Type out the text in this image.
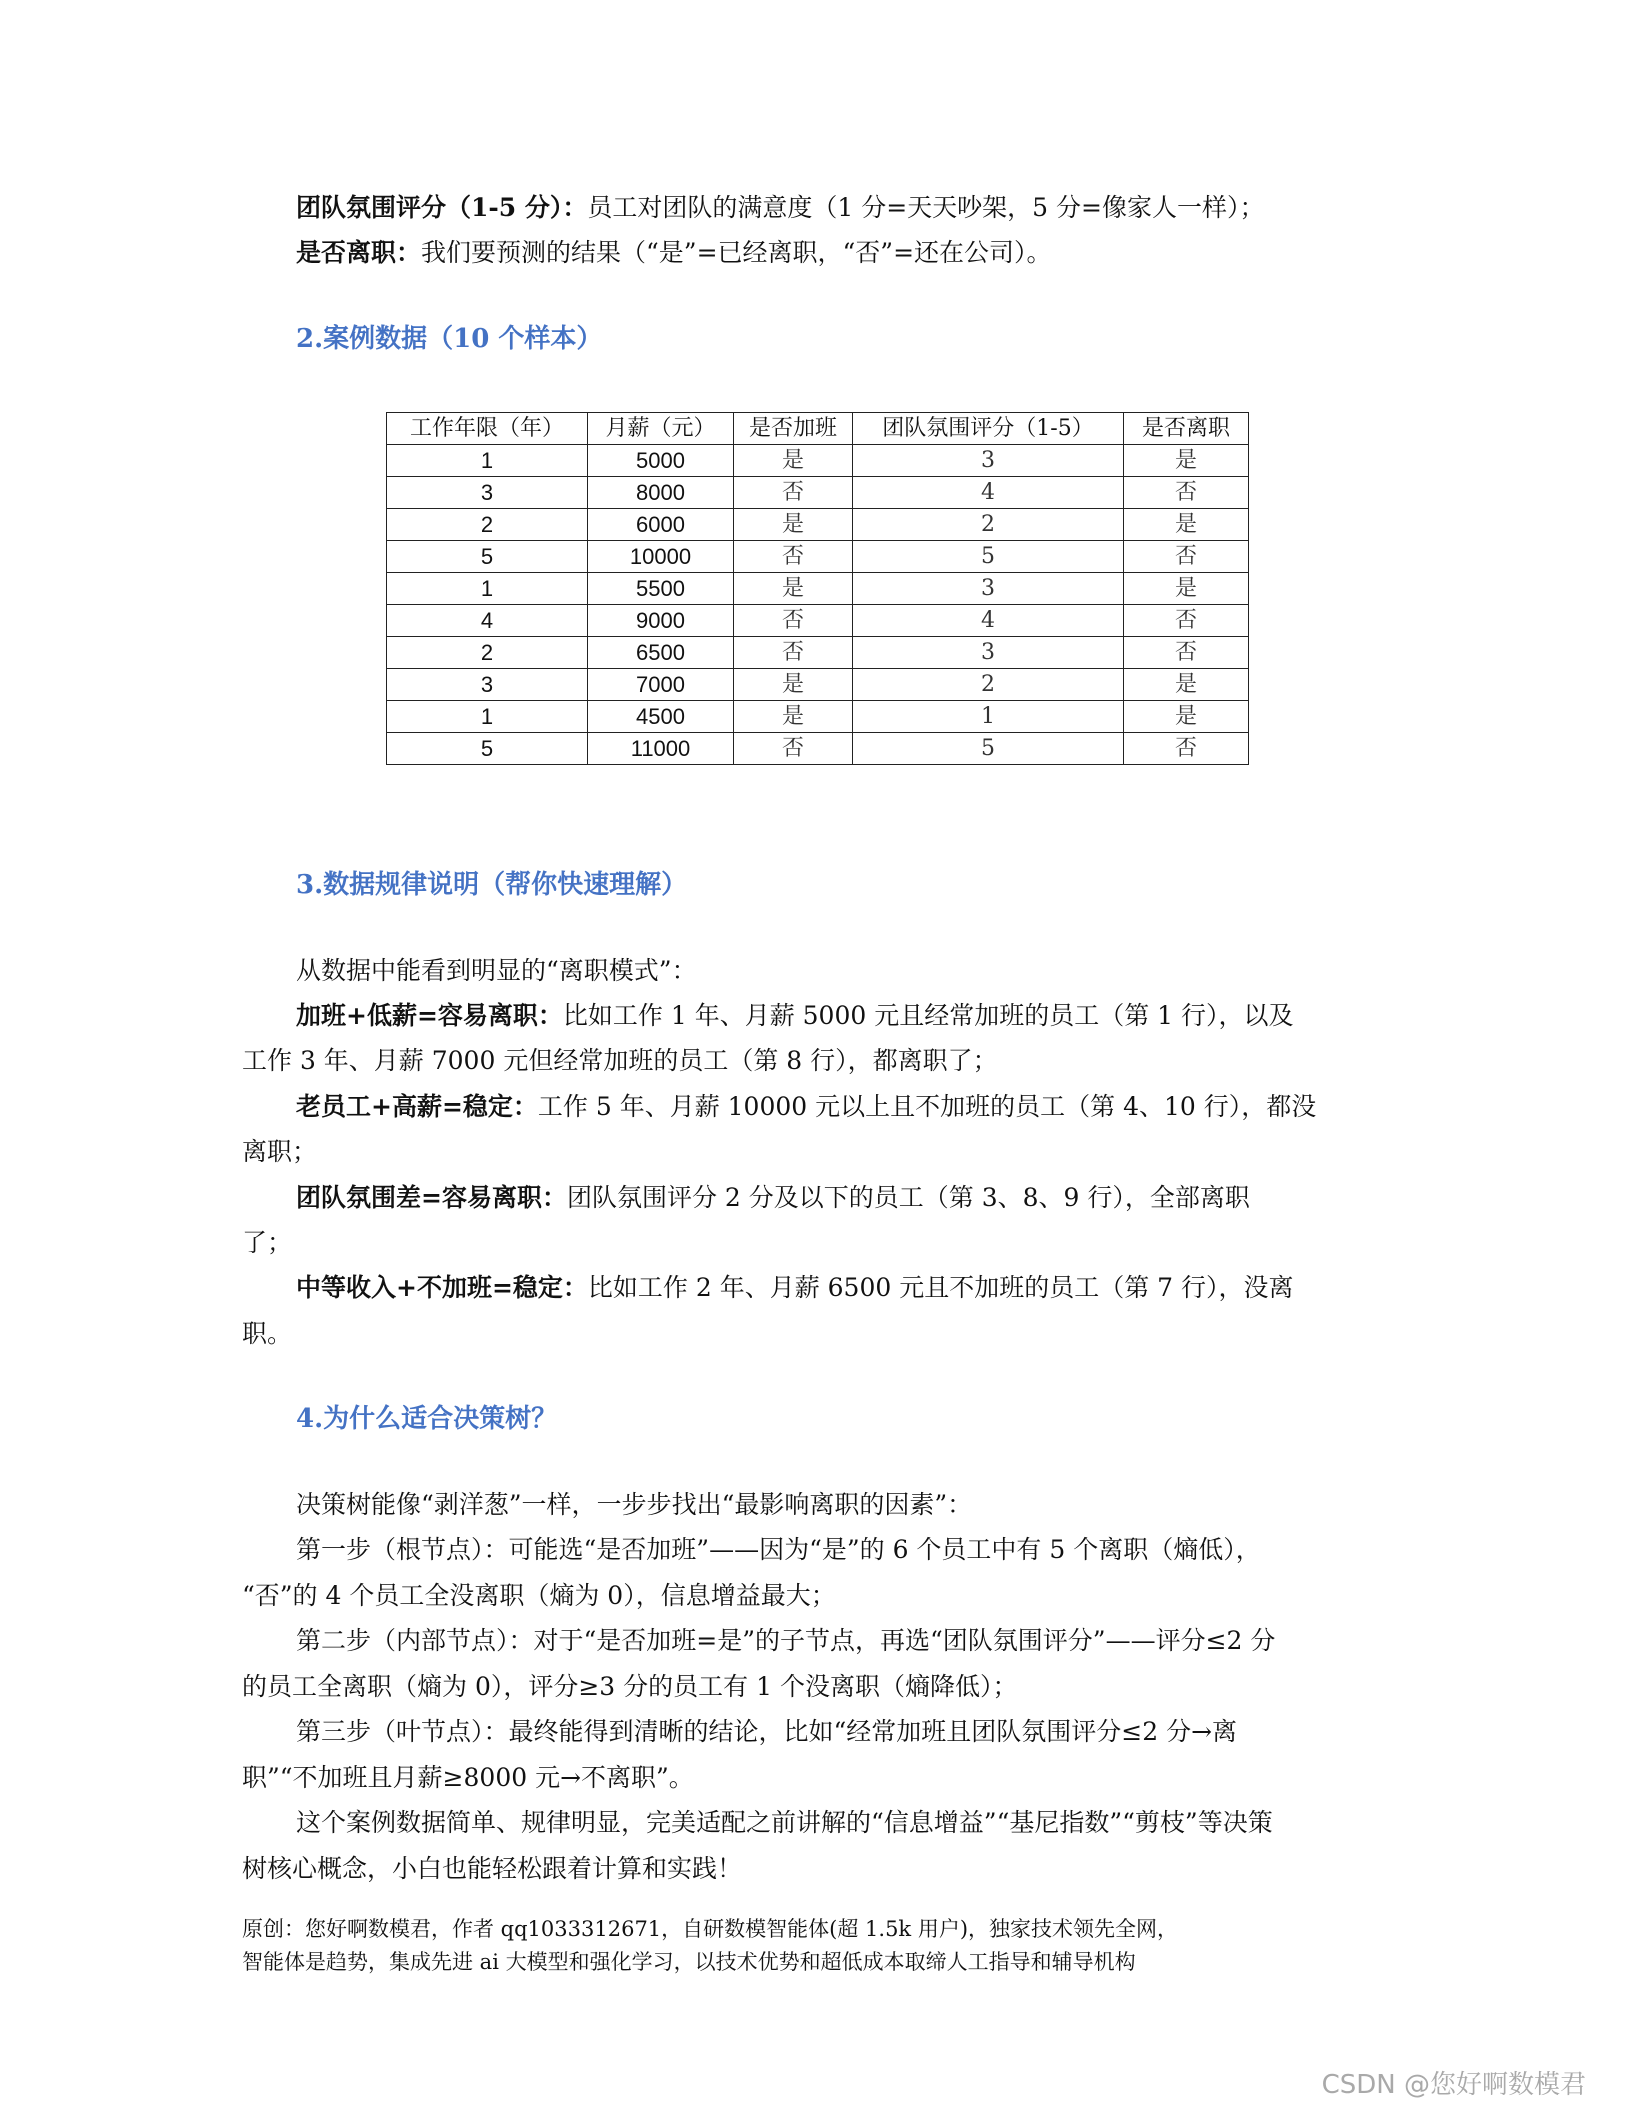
团队氛围评分（1-5 分）：员工对团队的满意度（1 分=天天吵架，5 分=像家人一样）；
是否离职：我们要预测的结果（“是”=已经离职，“否”=还在公司）。
2.案例数据（10 个样本）
工作年限（年）	月薪（元）	是否加班	团队氛围评分（1-5）	是否离职
1	5000	是	3	是
3	8000	否	4	否
2	6000	是	2	是
5	10000	否	5	否
1	5500	是	3	是
4	9000	否	4	否
2	6500	否	3	否
3	7000	是	2	是
1	4500	是	1	是
5	11000	否	5	否
3.数据规律说明（帮你快速理解）
从数据中能看到明显的“离职模式”：
加班+低薪=容易离职：比如工作 1 年、月薪 5000 元且经常加班的员工（第 1 行），以及
工作 3 年、月薪 7000 元但经常加班的员工（第 8 行），都离职了；
老员工+高薪=稳定：工作 5 年、月薪 10000 元以上且不加班的员工（第 4、10 行），都没
离职；
团队氛围差=容易离职：团队氛围评分 2 分及以下的员工（第 3、8、9 行），全部离职
了；
中等收入+不加班=稳定：比如工作 2 年、月薪 6500 元且不加班的员工（第 7 行），没离
职。
4.为什么适合决策树？
决策树能像“剥洋葱”一样，一步步找出“最影响离职的因素”：
第一步（根节点）：可能选“是否加班”——因为“是”的 6 个员工中有 5 个离职（熵低），
“否”的 4 个员工全没离职（熵为 0），信息增益最大；
第二步（内部节点）：对于“是否加班=是”的子节点，再选“团队氛围评分”——评分≤2 分
的员工全离职（熵为 0），评分≥3 分的员工有 1 个没离职（熵降低）；
第三步（叶节点）：最终能得到清晰的结论，比如“经常加班且团队氛围评分≤2 分→离
职”“不加班且月薪≥8000 元→不离职”。
这个案例数据简单、规律明显，完美适配之前讲解的“信息增益”“基尼指数”“剪枝”等决策
树核心概念，小白也能轻松跟着计算和实践！
原创：您好啊数模君，作者 qq1033312671，自研数模智能体(超 1.5k 用户)，独家技术领先全网，
智能体是趋势，集成先进 ai 大模型和强化学习，以技术优势和超低成本取缔人工指导和辅导机构
CSDN @您好啊数模君
